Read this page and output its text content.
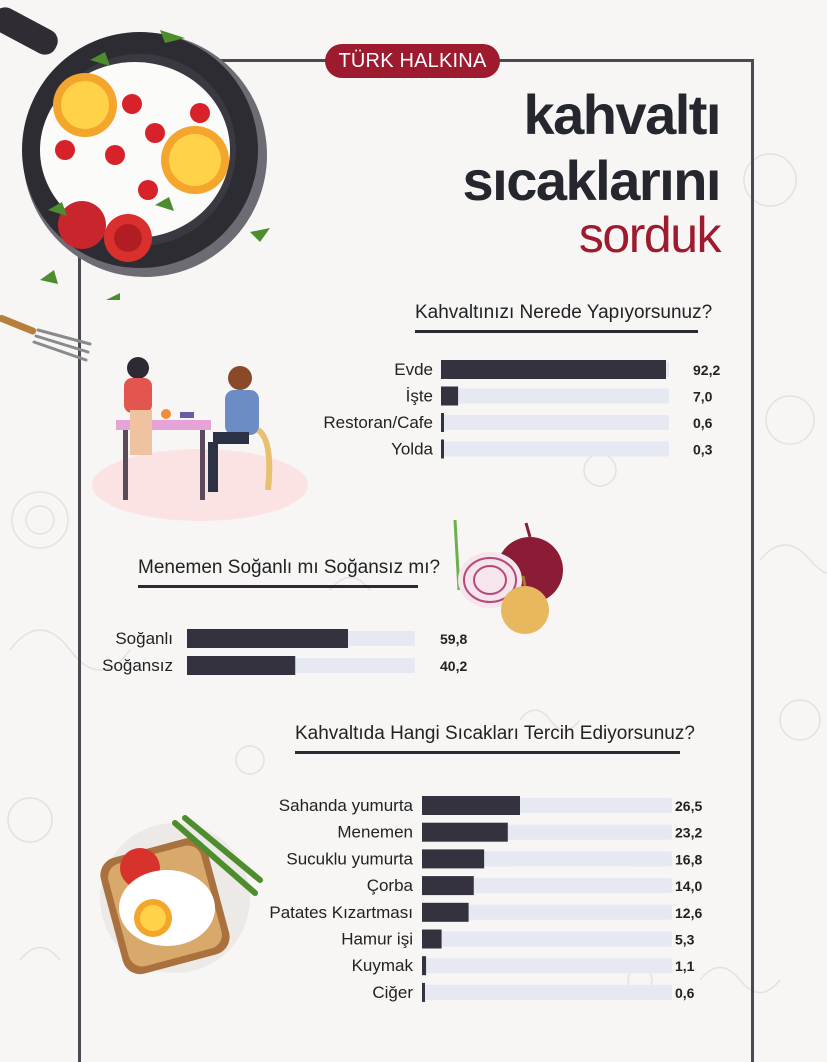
TÜRK HALKINA
kahvaltı
sıcaklarını
sorduk
Kahvaltınızı Nerede Yapıyorsunuz?
Menemen Soğanlı mı Soğansız mı?
Kahvaltıda Hangi Sıcakları Tercih Ediyorsunuz?
Evde	92,2
İşte	7,0
Restoran/Cafe	0,6
Yolda	0,3
Soğanlı	59,8
Soğansız	40,2
Sahanda yumurta	26,5
Menemen	23,2
Sucuklu yumurta	16,8
Çorba	14,0
Patates Kızartması	12,6
Hamur işi	5,3
Kuymak	1,1
Ciğer	0,6
